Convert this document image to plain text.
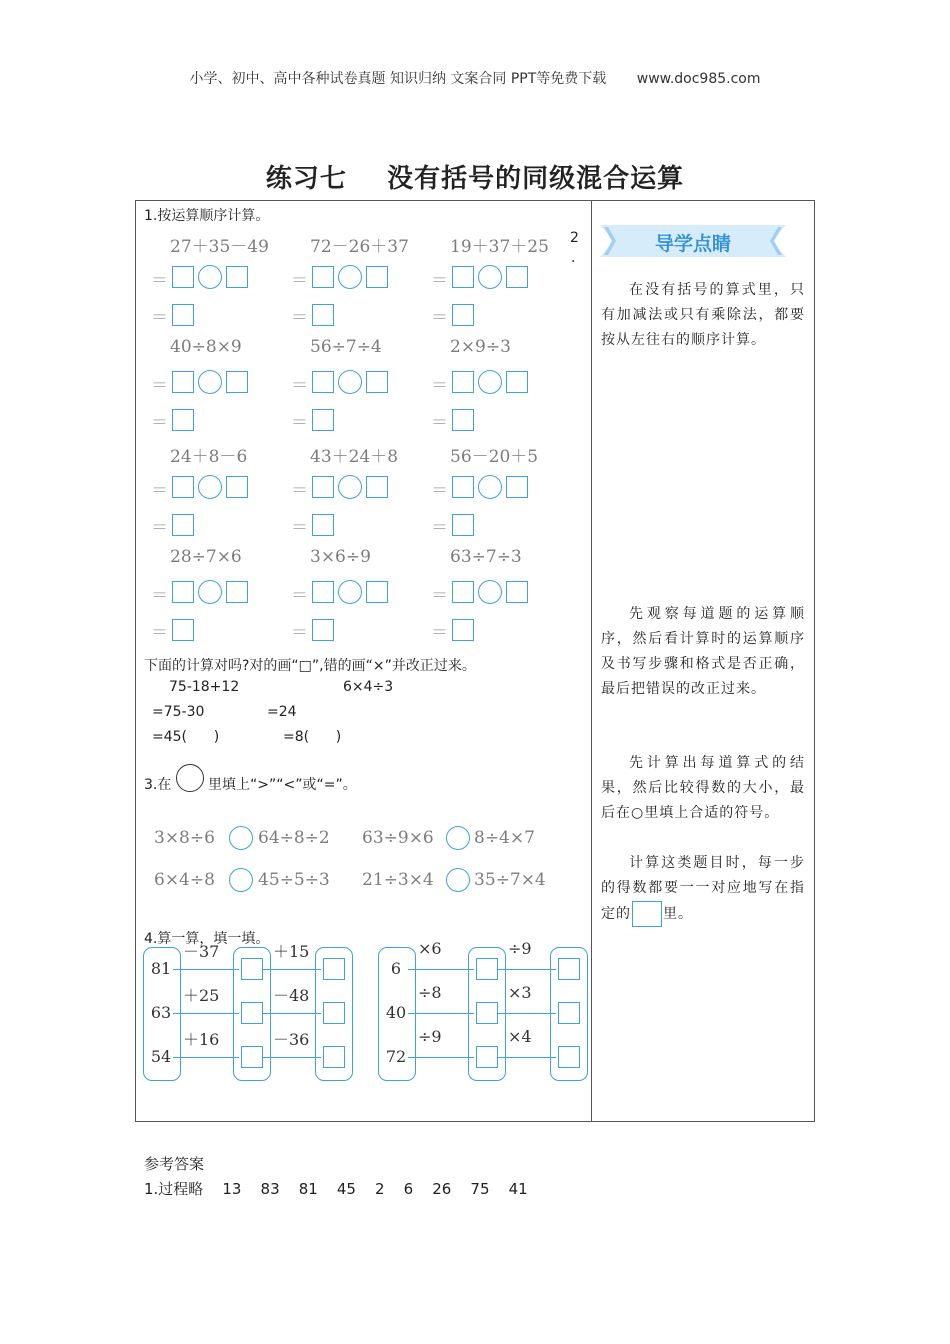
小学、初中、高中各种试卷真题 知识归纳 文案合同 PPT等免费下载 www.doc985.com
练习七    没有括号的同级混合运算
1.按运算顺序计算。
27＋35－49
＝
＝
72－26＋37
＝
＝
19＋37＋25
＝
＝
40÷8×9
＝
＝
56÷7÷4
＝
＝
2×9÷3
＝
＝
24＋8－6
＝
＝
43＋24＋8
＝
＝
56－20＋5
＝
＝
28÷7×6
＝
＝
3×6÷9
＝
＝
63÷7÷3
＝
＝
2
.
下面的计算对吗?对的画“□”,错的画“×”并改正过来。
75-18+12
=75-30
=45(      )
6×4÷3
=24
=8(      )
3.在	里填上“>”“<”或“=”。
3×8÷6	64÷8÷2 63÷9×6 8÷4×7
6×4÷8	45÷5÷3 21÷3×4 35÷7×4
4.算一算，填一填。
81
－37	＋15
63
＋25	－48
54
＋16	－36
6
×6	÷9
40
÷8	×3
72
÷9	×4
导学点睛
在没有括号的算式里，只有加减法或只有乘除法，都要按从左往右的顺序计算。
先观察每道题的运算顺序，然后看计算时的运算顺序及书写步骤和格式是否正确，最后把错误的改正过来。
先计算出每道算式的结果，然后比较得数的大小，最后在○里填上合适的符号。
计算这类题目时，每一步的得数都要一一对应地写在指定的 里。
参考答案
1.过程略    13    83    81    45    2    6    26    75    41
